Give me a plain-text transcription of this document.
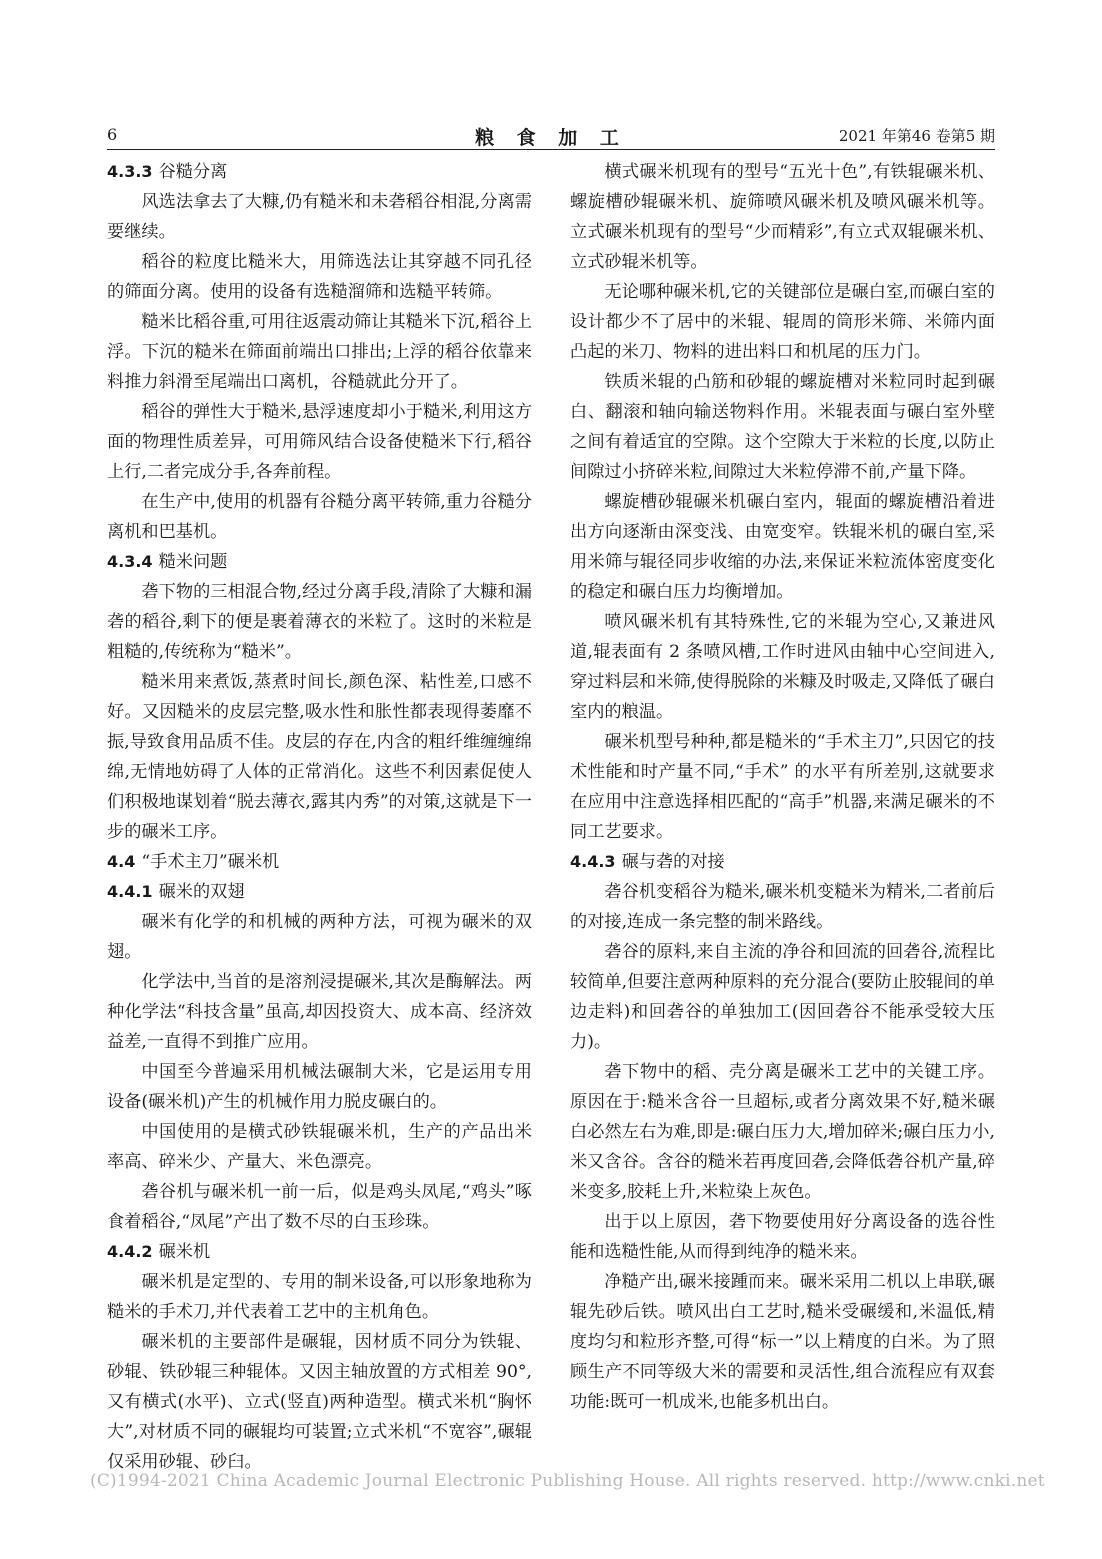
6	粮 食 加 工	2021 年第46 卷第5 期
4.3.3 谷糙分离

风选法拿去了大糠,仍有糙米和未砻稻谷相混,分离需要继续。

稻谷的粒度比糙米大，用筛选法让其穿越不同孔径的筛面分离。使用的设备有选糙溜筛和选糙平转筛。

糙米比稻谷重,可用往返震动筛让其糙米下沉,稻谷上浮。下沉的糙米在筛面前端出口排出;上浮的稻谷依靠来料推力斜滑至尾端出口离机，谷糙就此分开了。

稻谷的弹性大于糙米,悬浮速度却小于糙米,利用这方面的物理性质差异，可用筛风结合设备使糙米下行,稻谷上行,二者完成分手,各奔前程。

在生产中,使用的机器有谷糙分离平转筛,重力谷糙分离机和巴基机。

4.3.4 糙米问题

砻下物的三相混合物,经过分离手段,清除了大糠和漏砻的稻谷,剩下的便是裹着薄衣的米粒了。这时的米粒是粗糙的,传统称为“糙米”。

糙米用来煮饭,蒸煮时间长,颜色深、粘性差,口感不好。又因糙米的皮层完整,吸水性和胀性都表现得萎靡不振,导致食用品质不佳。皮层的存在,内含的粗纤维缠缠绵绵,无情地妨碍了人体的正常消化。这些不利因素促使人们积极地谋划着“脱去薄衣,露其内秀”的对策,这就是下一步的碾米工序。

4.4 “手术主刀”碾米机
4.4.1 碾米的双翅

碾米有化学的和机械的两种方法，可视为碾米的双翅。

化学法中,当首的是溶剂浸提碾米,其次是酶解法。两种化学法“科技含量”虽高,却因投资大、成本高、经济效益差,一直得不到推广应用。

中国至今普遍采用机械法碾制大米，它是运用专用设备(碾米机)产生的机械作用力脱皮碾白的。

中国使用的是横式砂铁辊碾米机，生产的产品出米率高、碎米少、产量大、米色漂亮。

砻谷机与碾米机一前一后，似是鸡头凤尾,“鸡头”啄食着稻谷,“凤尾”产出了数不尽的白玉珍珠。

4.4.2 碾米机

碾米机是定型的、专用的制米设备,可以形象地称为糙米的手术刀,并代表着工艺中的主机角色。

碾米机的主要部件是碾辊，因材质不同分为铁辊、砂辊、铁砂辊三种辊体。又因主轴放置的方式相差 90°,又有横式(水平)、立式(竖直)两种造型。横式米机“胸怀大”,对材质不同的碾辊均可装置;立式米机“不宽容”,碾辊仅采用砂辊、砂臼。

横式碾米机现有的型号“五光十色”,有铁辊碾米机、螺旋槽砂辊碾米机、旋筛喷风碾米机及喷风碾米机等。立式碾米机现有的型号“少而精彩”,有立式双辊碾米机、立式砂辊米机等。

无论哪种碾米机,它的关键部位是碾白室,而碾白室的设计都少不了居中的米辊、辊周的筒形米筛、米筛内面凸起的米刀、物料的进出料口和机尾的压力门。

铁质米辊的凸筋和砂辊的螺旋槽对米粒同时起到碾白、翻滚和轴向输送物料作用。米辊表面与碾白室外壁之间有着适宜的空隙。这个空隙大于米粒的长度,以防止间隙过小挤碎米粒,间隙过大米粒停滞不前,产量下降。

螺旋槽砂辊碾米机碾白室内，辊面的螺旋槽沿着进出方向逐渐由深变浅、由宽变窄。铁辊米机的碾白室,采用米筛与辊径同步收缩的办法,来保证米粒流体密度变化的稳定和碾白压力均衡增加。

喷风碾米机有其特殊性,它的米辊为空心,又兼进风道,辊表面有 2 条喷风槽,工作时进风由轴中心空间进入,穿过料层和米筛,使得脱除的米糠及时吸走,又降低了碾白室内的粮温。

碾米机型号种种,都是糙米的“手术主刀”,只因它的技术性能和时产量不同,“手术” 的水平有所差别,这就要求在应用中注意选择相匹配的“高手”机器,来满足碾米的不同工艺要求。

4.4.3 碾与砻的对接

砻谷机变稻谷为糙米,碾米机变糙米为精米,二者前后的对接,连成一条完整的制米路线。

砻谷的原料,来自主流的净谷和回流的回砻谷,流程比较简单,但要注意两种原料的充分混合(要防止胶辊间的单边走料)和回砻谷的单独加工(因回砻谷不能承受较大压力)。

砻下物中的稻、壳分离是碾米工艺中的关键工序。原因在于:糙米含谷一旦超标,或者分离效果不好,糙米碾白必然左右为难,即是:碾白压力大,增加碎米;碾白压力小,米又含谷。含谷的糙米若再度回砻,会降低砻谷机产量,碎米变多,胶耗上升,米粒染上灰色。

出于以上原因，砻下物要使用好分离设备的选谷性能和选糙性能,从而得到纯净的糙米来。

净糙产出,碾米接踵而来。碾米采用二机以上串联,碾辊先砂后铁。喷风出白工艺时,糙米受碾缓和,米温低,精度均匀和粒形齐整,可得“标一”以上精度的白米。为了照顾生产不同等级大米的需要和灵活性,组合流程应有双套功能:既可一机成米,也能多机出白。

(C)1994-2021 China Academic Journal Electronic Publishing House. All rights reserved. http://www.cnki.net
